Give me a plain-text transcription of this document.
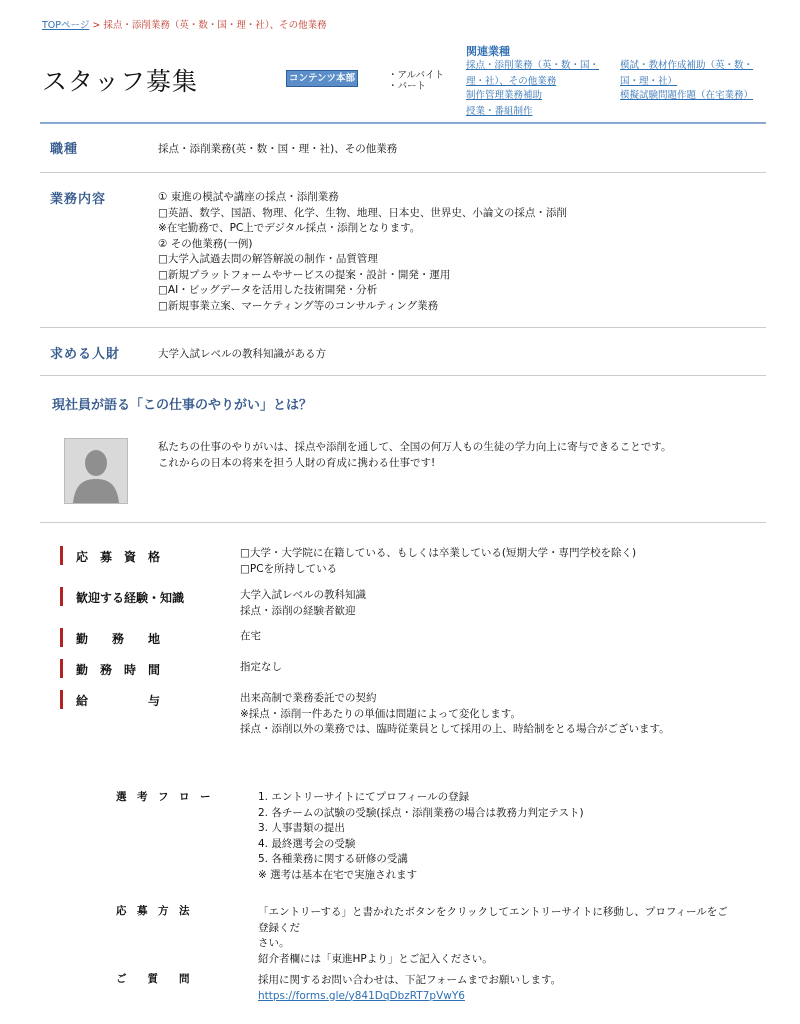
TOPページ > 採点・添削業務（英・数・国・理・社）、その他業務
スタッフ募集	コンテンツ本部	・アルバイト
・パート
関連業種
採点・添削業務（英・数・国・理・社）、その他業務
模試・教材作成補助（英・数・国・理・社）
制作管理業務補助	模擬試験問題作題（在宅業務）
授業・番組制作
職種	採点・添削業務(英・数・国・理・社)、その他業務
業務内容	① 東進の模試や講座の採点・添削業務
□英語、数学、国語、物理、化学、生物、地理、日本史、世界史、小論文の採点・添削
※在宅勤務で、PC上でデジタル採点・添削となります。
② その他業務(一例)
□大学入試過去問の解答解説の制作・品質管理
□新規プラットフォームやサービスの提案・設計・開発・運用
□AI・ビッグデータを活用した技術開発・分析
□新規事業立案、マーケティング等のコンサルティング業務
求める人財	大学入試レベルの教科知識がある方
現社員が語る「この仕事のやりがい」とは？
私たちの仕事のやりがいは、採点や添削を通して、全国の何万人もの生徒の学力向上に寄与できることです。
これからの日本の将来を担う人財の育成に携わる仕事です!
応　募　資　格	□大学・大学院に在籍している、もしくは卒業している(短期大学・専門学校を除く)
□PCを所持している
歓迎する経験・知識	大学入試レベルの教科知識
採点・添削の経験者歓迎
勤　　務　　地	在宅
勤　務　時　間	指定なし
給　　　　　与	出来高制で業務委託での契約
※採点・添削一件あたりの単価は問題によって変化します。
採点・添削以外の業務では、臨時従業員として採用の上、時給制をとる場合がございます。
選　考　フ　ロ　ー	1. エントリーサイトにてプロフィールの登録
2. 各チームの試験の受験(採点・添削業務の場合は教務力判定テスト)
3. 人事書類の提出
4. 最終選考会の受験
5. 各種業務に関する研修の受講
※ 選考は基本在宅で実施されます
応　募　方　法	「エントリーする」と書かれたボタンをクリックしてエントリーサイトに移動し、プロフィールをご登録くだ
さい。
紹介者欄には「東進HPより」とご記入ください。
ご　　質　　問	採用に関するお問い合わせは、下記フォームまでお願いします。
https://forms.gle/y841DqDbzRT7pVwY6
